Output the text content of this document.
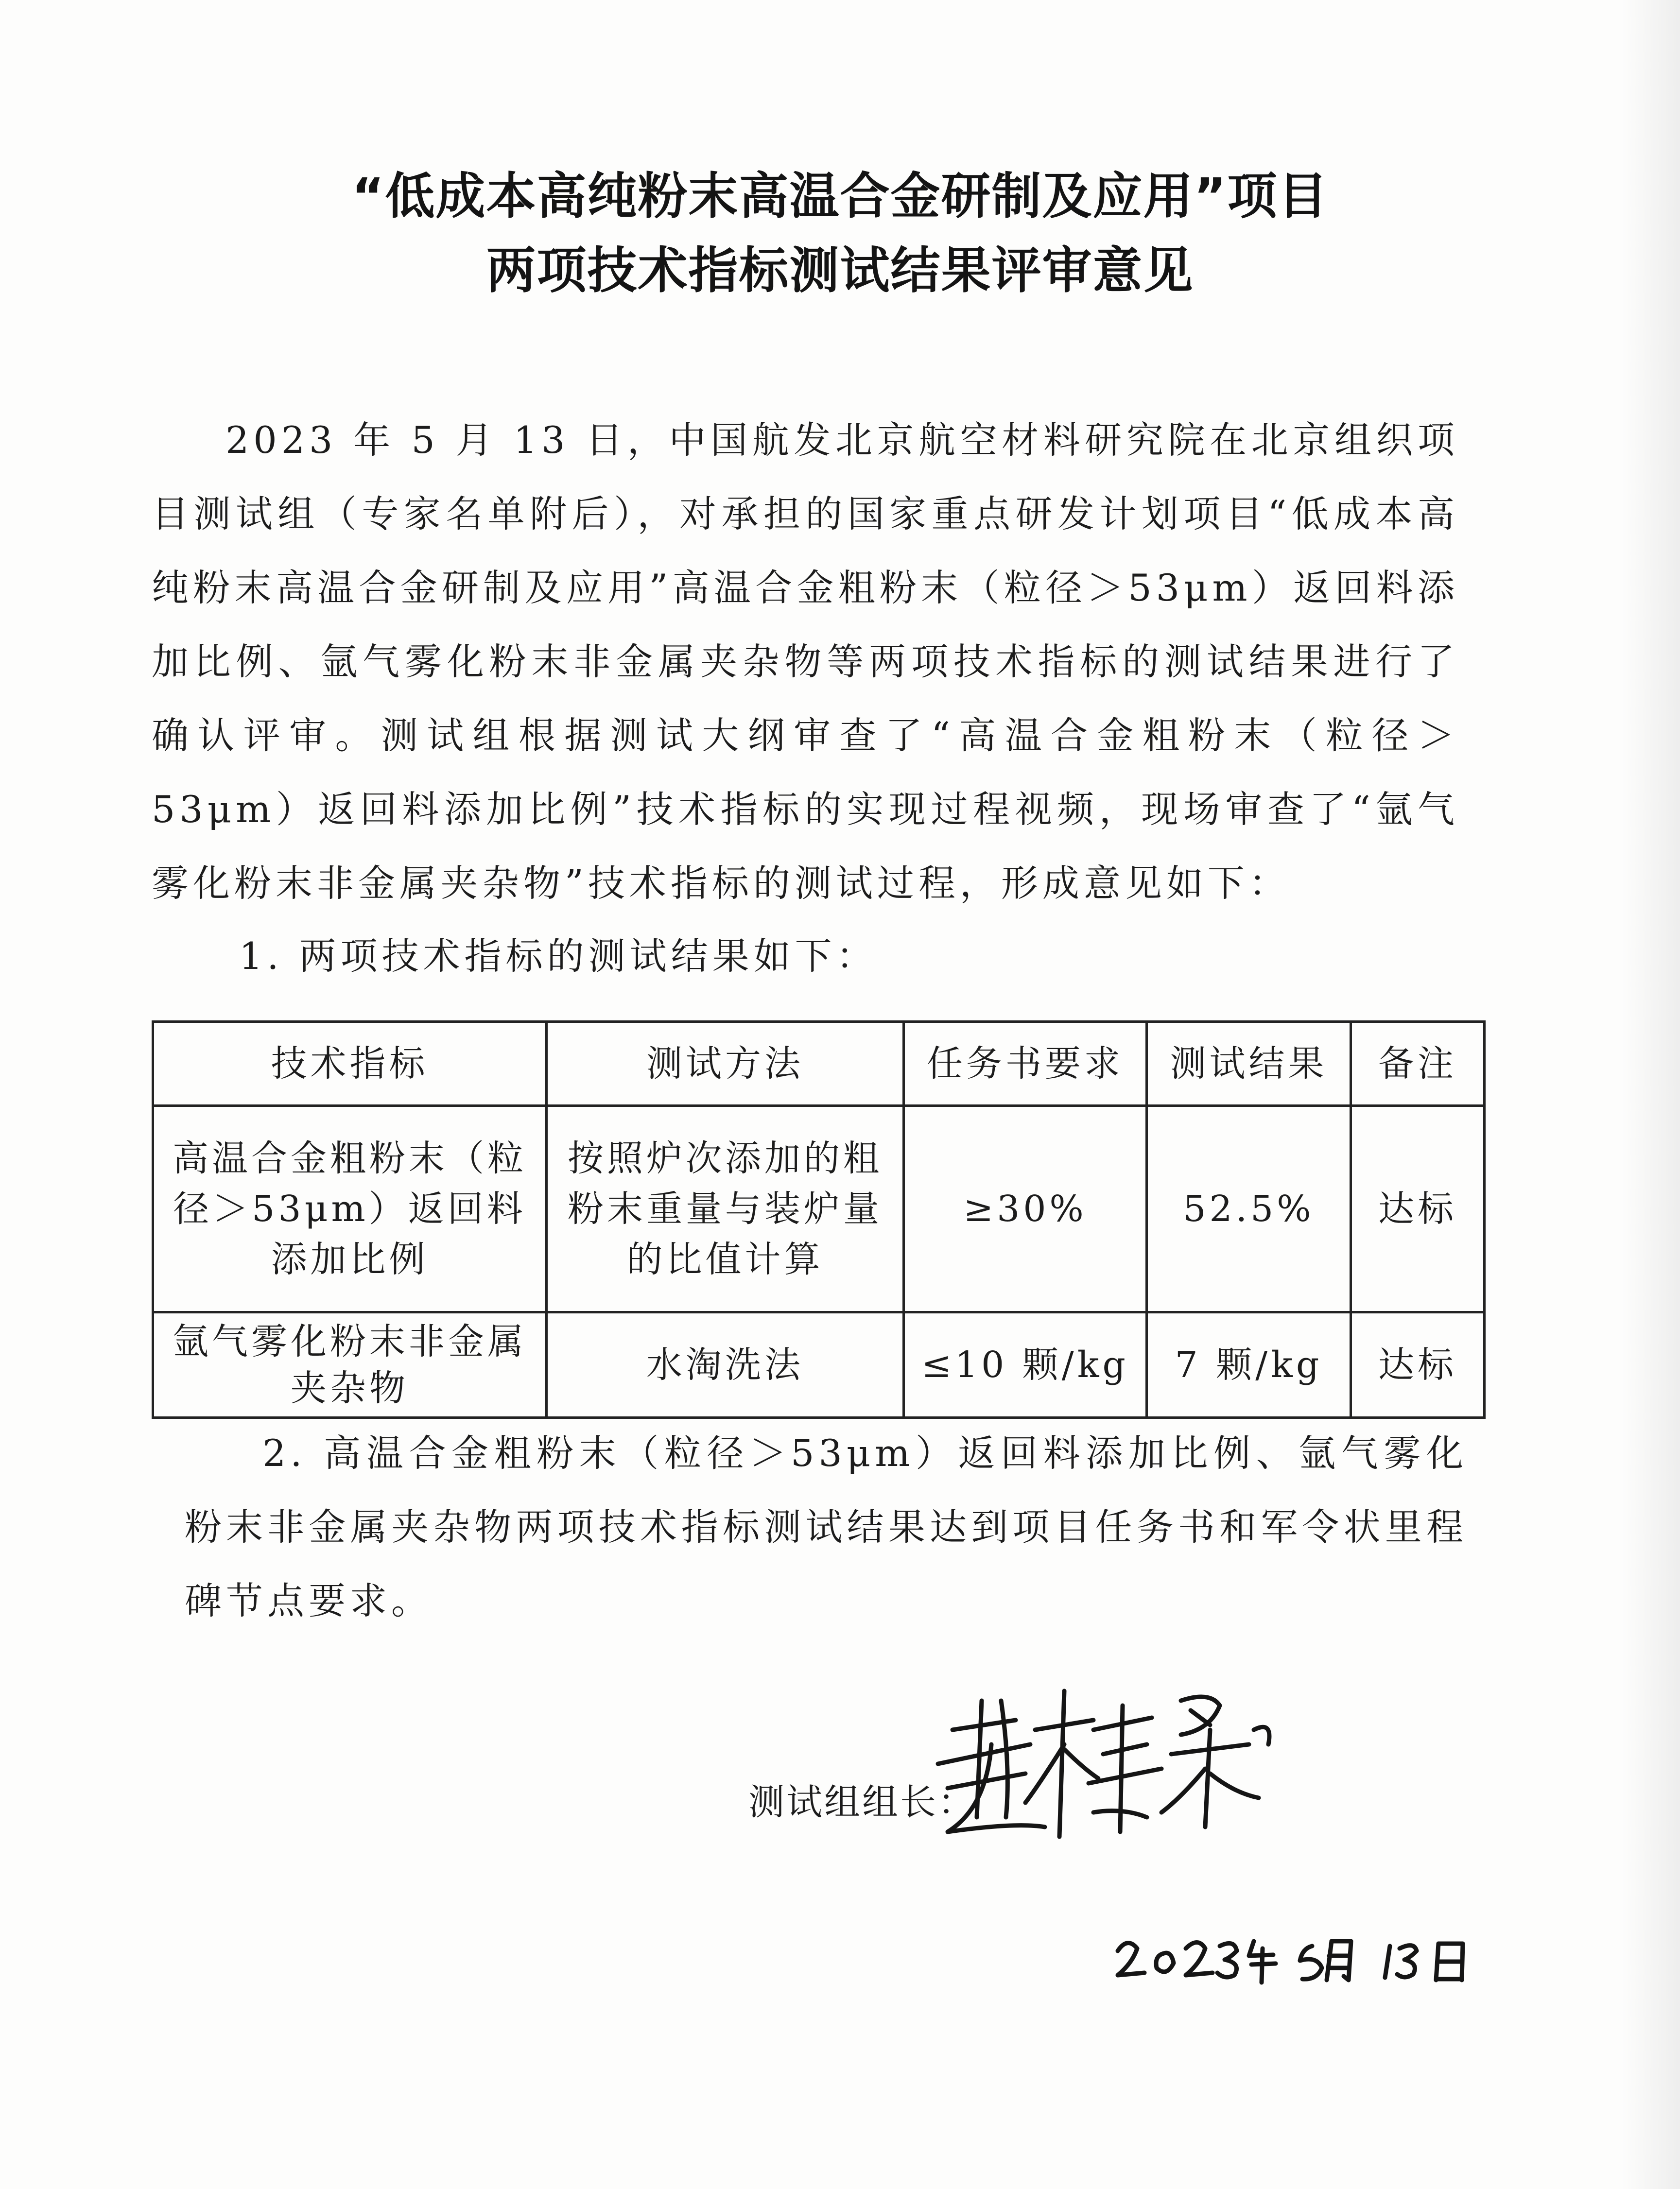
“低成本高纯粉末高温合金研制及应用”项目
两项技术指标测试结果评审意见

2023 年 5 月 13 日，中国航发北京航空材料研究院在北京组织项目测试组（专家名单附后），对承担的国家重点研发计划项目“低成本高纯粉末高温合金研制及应用”高温合金粗粉末（粒径＞53μm）返回料添加比例、氩气雾化粉末非金属夹杂物等两项技术指标的测试结果进行了确认评审。测试组根据测试大纲审查了“高温合金粗粉末（粒径＞53μm）返回料添加比例”技术指标的实现过程视频，现场审查了“氩气雾化粉末非金属夹杂物”技术指标的测试过程，形成意见如下：

1. 两项技术指标的测试结果如下：

技术指标	测试方法	任务书要求	测试结果	备注
高温合金粗粉末（粒径＞53μm）返回料添加比例	按照炉次添加的粗粉末重量与装炉量的比值计算	≥30%	52.5%	达标
氩气雾化粉末非金属夹杂物	水淘洗法	≤10 颗/kg	7 颗/kg	达标

2. 高温合金粗粉末（粒径＞53μm）返回料添加比例、氩气雾化粉末非金属夹杂物两项技术指标测试结果达到项目任务书和军令状里程碑节点要求。

测试组组长：
